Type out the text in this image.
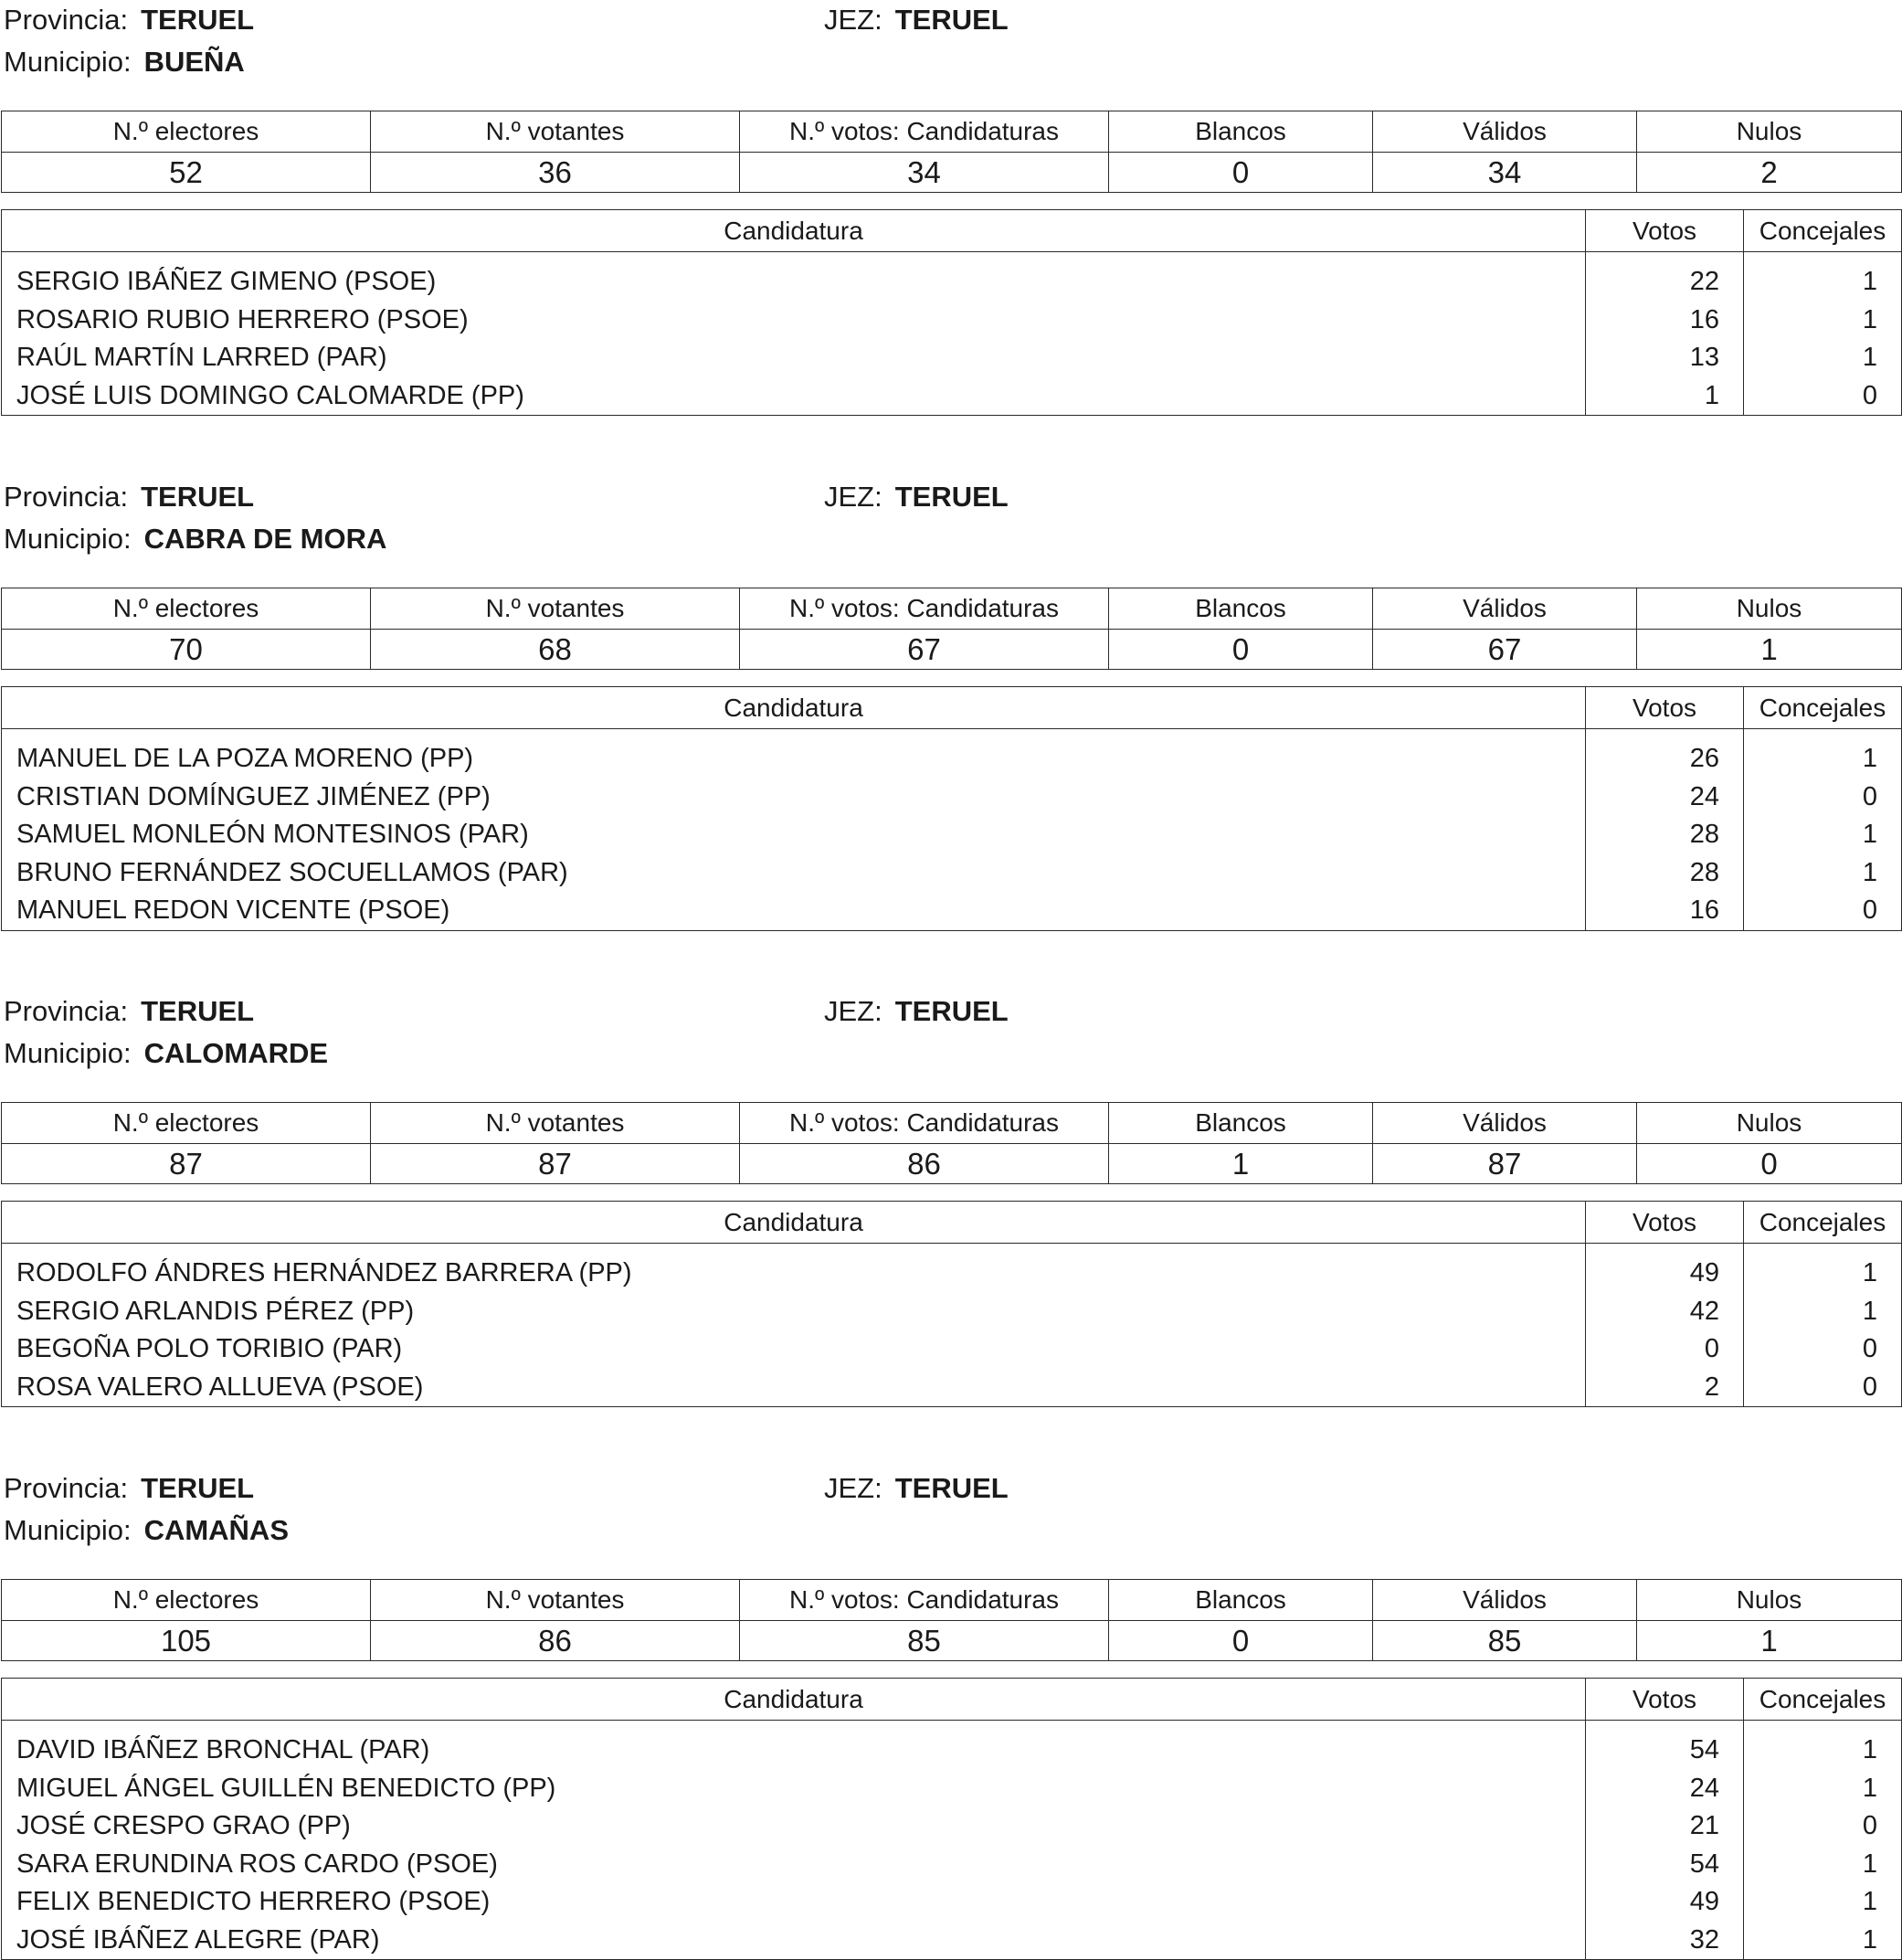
Provincia: TERUEL	JEZ: TERUEL
Municipio: BUEÑA
N.º electores	N.º votantes	N.º votos: Candidaturas	Blancos	Válidos	Nulos
52	36	34	0	34	2
Candidatura	Votos	Concejales
SERGIO IBÁÑEZ GIMENO (PSOE)	22	1
ROSARIO RUBIO HERRERO (PSOE)	16	1
RAÚL MARTÍN LARRED (PAR)	13	1
JOSÉ LUIS DOMINGO CALOMARDE (PP)	1	0
Provincia: TERUEL	JEZ: TERUEL
Municipio: CABRA DE MORA
N.º electores	N.º votantes	N.º votos: Candidaturas	Blancos	Válidos	Nulos
70	68	67	0	67	1
Candidatura	Votos	Concejales
MANUEL DE LA POZA MORENO (PP)	26	1
CRISTIAN DOMÍNGUEZ JIMÉNEZ (PP)	24	0
SAMUEL MONLEÓN MONTESINOS (PAR)	28	1
BRUNO FERNÁNDEZ SOCUELLAMOS (PAR)	28	1
MANUEL REDON VICENTE (PSOE)	16	0
Provincia: TERUEL	JEZ: TERUEL
Municipio: CALOMARDE
N.º electores	N.º votantes	N.º votos: Candidaturas	Blancos	Válidos	Nulos
87	87	86	1	87	0
Candidatura	Votos	Concejales
RODOLFO ÁNDRES HERNÁNDEZ BARRERA (PP)	49	1
SERGIO ARLANDIS PÉREZ (PP)	42	1
BEGOÑA POLO TORIBIO (PAR)	0	0
ROSA VALERO ALLUEVA (PSOE)	2	0
Provincia: TERUEL	JEZ: TERUEL
Municipio: CAMAÑAS
N.º electores	N.º votantes	N.º votos: Candidaturas	Blancos	Válidos	Nulos
105	86	85	0	85	1
Candidatura	Votos	Concejales
DAVID IBÁÑEZ BRONCHAL (PAR)	54	1
MIGUEL ÁNGEL GUILLÉN BENEDICTO (PP)	24	1
JOSÉ CRESPO GRAO (PP)	21	0
SARA ERUNDINA ROS CARDO (PSOE)	54	1
FELIX BENEDICTO HERRERO (PSOE)	49	1
JOSÉ IBÁÑEZ ALEGRE (PAR)	32	1
